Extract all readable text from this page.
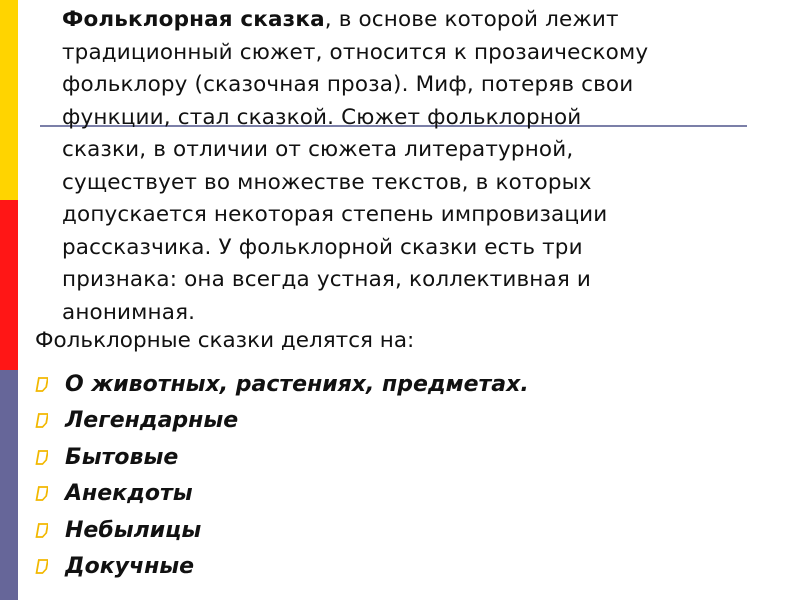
Фольклорная сказка, в основе которой лежит
традиционный сюжет, относится к прозаическому
фольклору (сказочная проза). Миф, потеряв свои
функции, стал сказкой. Сюжет фольклорной
сказки, в отличии от сюжета литературной,
существует во множестве текстов, в которых
допускается некоторая степень импровизации
рассказчика. У фольклорной сказки есть три
признака: она всегда устная, коллективная и
анонимная.

Фольклорные сказки делятся на:

О животных, растениях, предметах.
Легендарные
Бытовые
Анекдоты
Небылицы
Докучные
